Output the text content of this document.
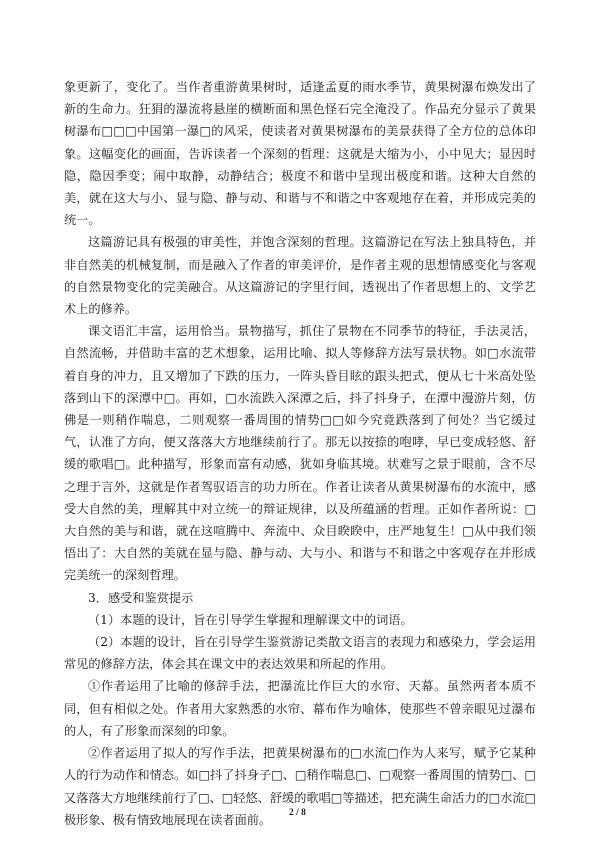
象更新了，变化了。当作者重游黄果树时，适逢孟夏的雨水季节，黄果树瀑布焕发出了新的生命力。狂狷的瀑流将悬崖的横断面和黑色怪石完全淹没了。作品充分显示了黄果树瀑布□□□中国第一瀑□的风采，使读者对黄果树瀑布的美景获得了全方位的总体印象。这幅变化的画面，告诉读者一个深刻的哲理：这就是大缩为小，小中见大；显因时隐，隐因季变；闹中取静，动静结合；极度不和谐中呈现出极度和谐。这种大自然的美，就在这大与小、显与隐、静与动、和谐与不和谐之中客观地存在着，并形成完美的统一。

这篇游记具有极强的审美性，并饱含深刻的哲理。这篇游记在写法上独具特色，并非自然美的机械复制，而是融入了作者的审美评价，是作者主观的思想情感变化与客观的自然景物变化的完美融合。从这篇游记的字里行间，透视出了作者思想上的、文学艺术上的修养。

课文语汇丰富，运用恰当。景物描写，抓住了景物在不同季节的特征，手法灵活，自然流畅，并借助丰富的艺术想象，运用比喻、拟人等修辞方法写景状物。如□水流带着自身的冲力，且又增加了下跌的压力，一阵头昏目眩的跟头把式，便从七十米高处坠落到山下的深潭中□。再如，□水流跌入深潭之后，抖了抖身子，在潭中漫游片刻，仿佛是一则稍作喘息，二则观察一番周围的情势□□如今究竟跌落到了何处？当它缓过气，认准了方向，便又落落大方地继续前行了。那无以按捺的咆哮，早已变成轻悠、舒缓的歌唱□。此种描写，形象而富有动感，犹如身临其境。状难写之景于眼前，含不尽之理于言外，这就是作者驾驭语言的功力所在。作者让读者从黄果树瀑布的水流中，感受大自然的美，理解其中对立统一的辩证规律，以及所蕴涵的哲理。正如作者所说：□大自然的美与和谐，就在这喧腾中、奔流中、众目睽睽中，庄严地复生！□从中我们领悟出了：大自然的美就在显与隐、静与动、大与小、和谐与不和谐之中客观存在并形成完美统一的深刻哲理。

3．感受和鉴赏提示

（1）本题的设计，旨在引导学生掌握和理解课文中的词语。

（2）本题的设计，旨在引导学生鉴赏游记类散文语言的表现力和感染力，学会运用常见的修辞方法，体会其在课文中的表达效果和所起的作用。

①作者运用了比喻的修辞手法，把瀑流比作巨大的水帘、天幕。虽然两者本质不同，但有相似之处。作者用大家熟悉的水帘、幕布作为喻体，使那些不曾亲眼见过瀑布的人，有了形象而深刻的印象。

②作者运用了拟人的写作手法，把黄果树瀑布的□水流□作为人来写，赋予它某种人的行为动作和情态。如□抖了抖身子□、□稍作喘息□、□观察一番周围的情势□、□又落落大方地继续前行了□、□轻悠、舒缓的歌唱□等描述，把充满生命活力的□水流□极形象、极有情致地展现在读者面前。	2 / 8
